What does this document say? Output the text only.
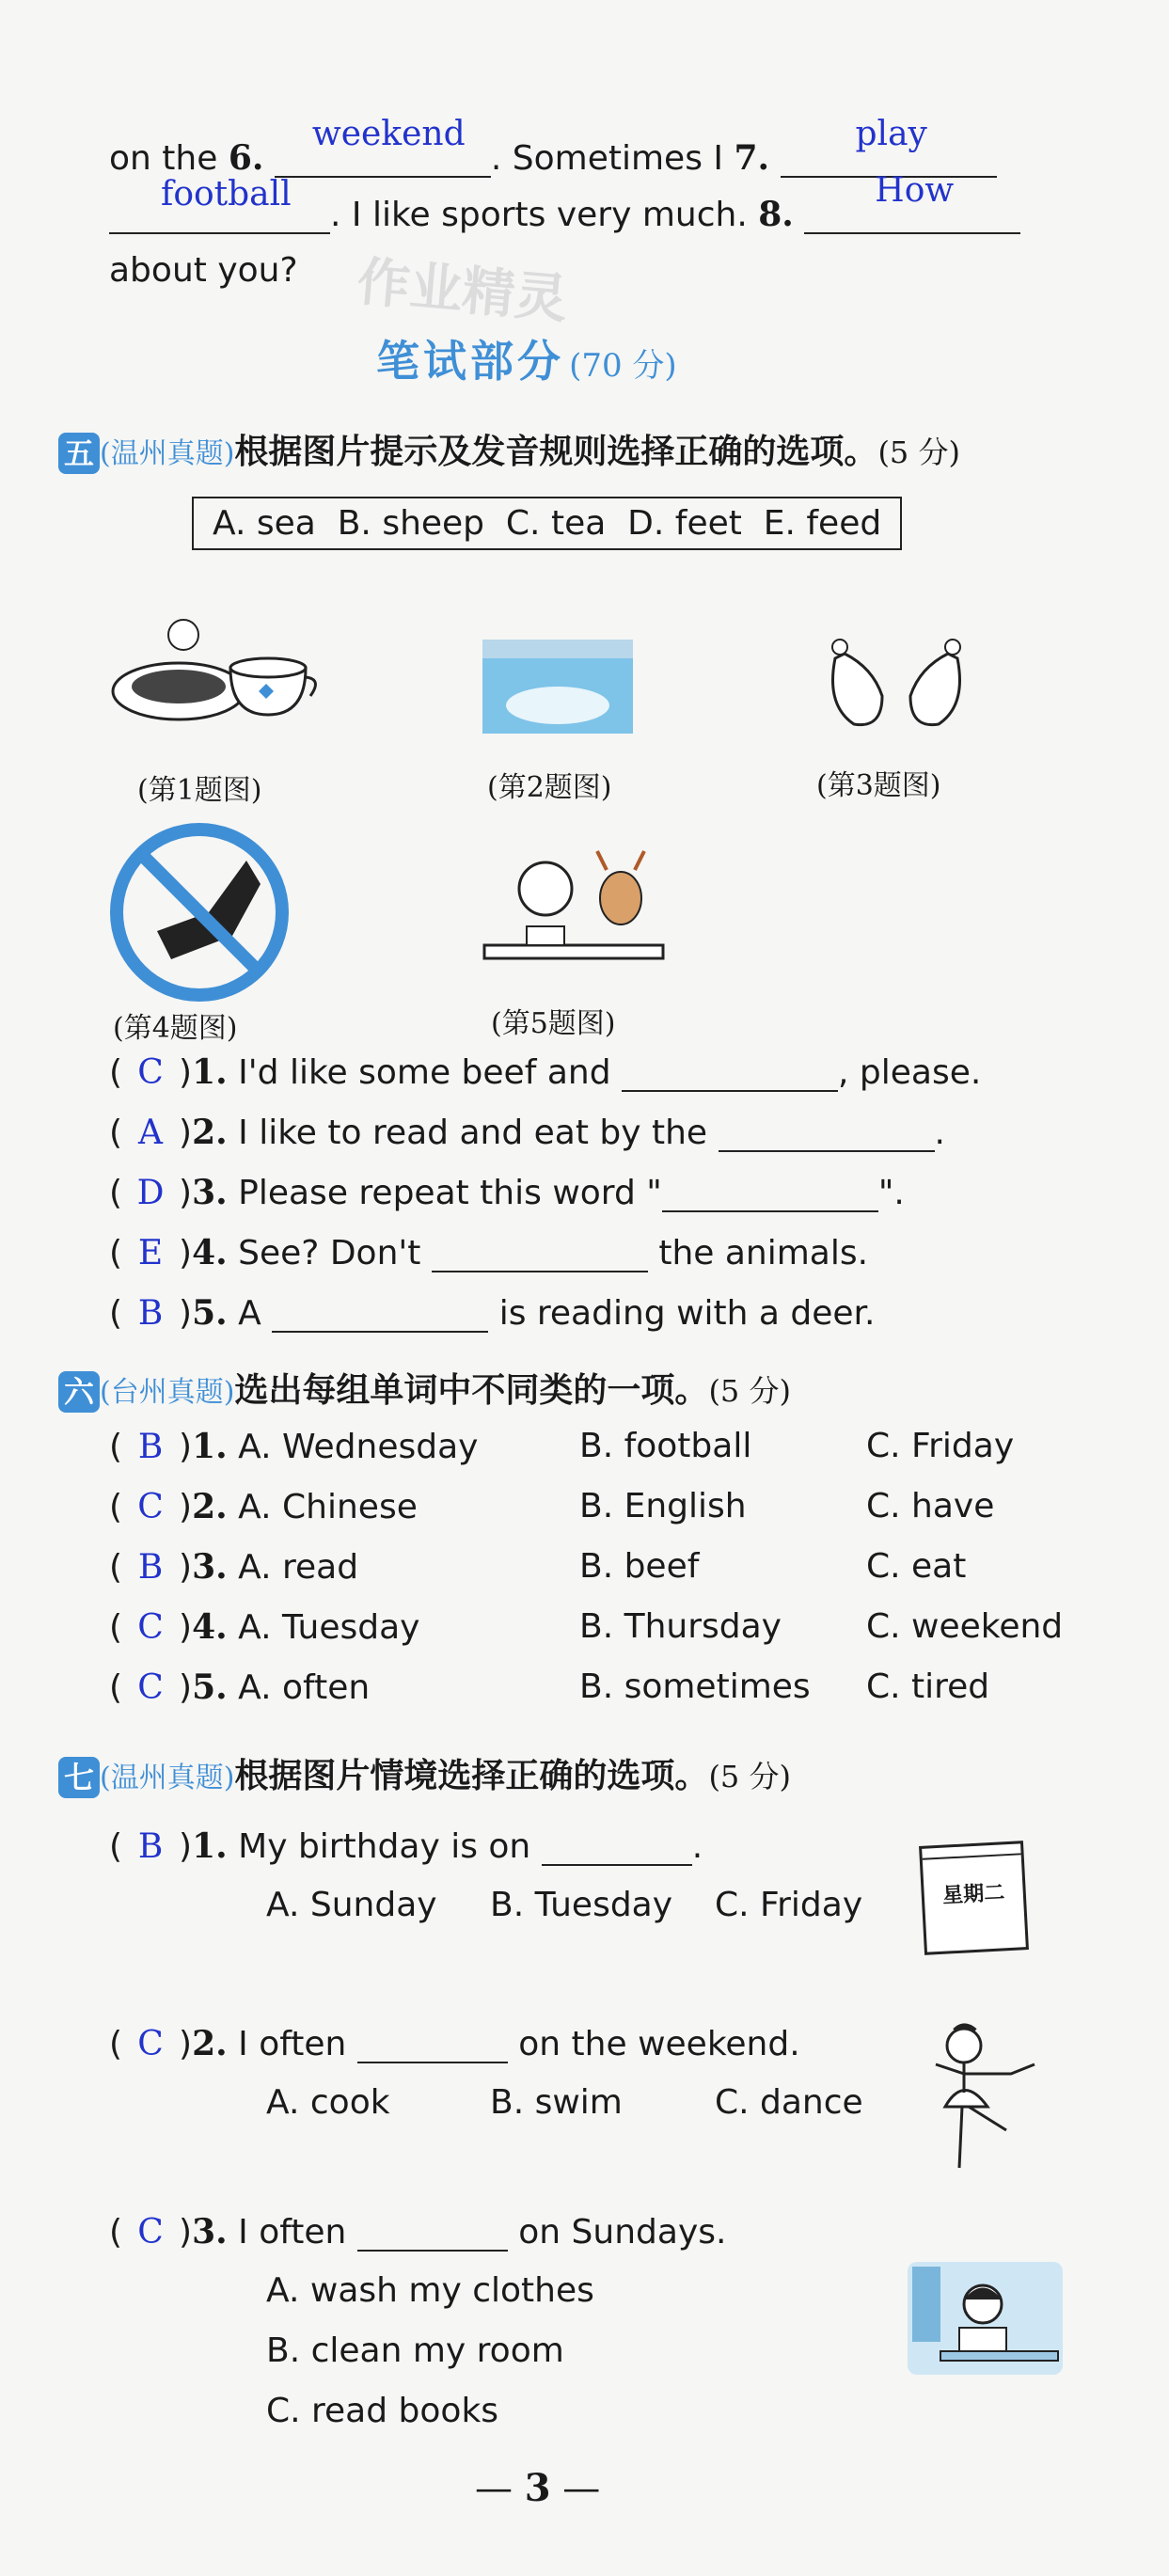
on the 6.
weekend
. Sometimes I 7.
play

football
. I like sports very much. 8.
How

about you? 作业精灵
笔试部分 (70 分)
五 (温州真题)根据图片提示及发音规则选择正确的选项。(5 分)
A. sea  B. sheep  C. tea  D. feet  E. feed
(第1题图)	(第2题图)	(第3题图)
(第4题图)	(第5题图)
( C )1. I'd like some beef and	, please.
( A )2. I like to read and eat by the	.
( D )3. Please repeat this word "	".
( E )4. See? Don't	the animals.
( B )5. A	is reading with a deer.
六 (台州真题)选出每组单词中不同类的一项。(5 分)
( B )1. A. Wednesday	B. football	C. Friday
( C )2. A. Chinese	B. English	C. have
( B )3. A. read	B. beef	C. eat
( C )4. A. Tuesday	B. Thursday	C. weekend
( C )5. A. often	B. sometimes C. tired
七 (温州真题)根据图片情境选择正确的选项。(5 分)
( B )1. My birthday is on	.
A. Sunday B. Tuesday C. Friday	星期二
( C )2. I often	on the weekend.
A. cook	B. swim	C. dance
( C )3. I often	on Sundays.
A. wash my clothes
B. clean my room
C. read books
— 3 —
